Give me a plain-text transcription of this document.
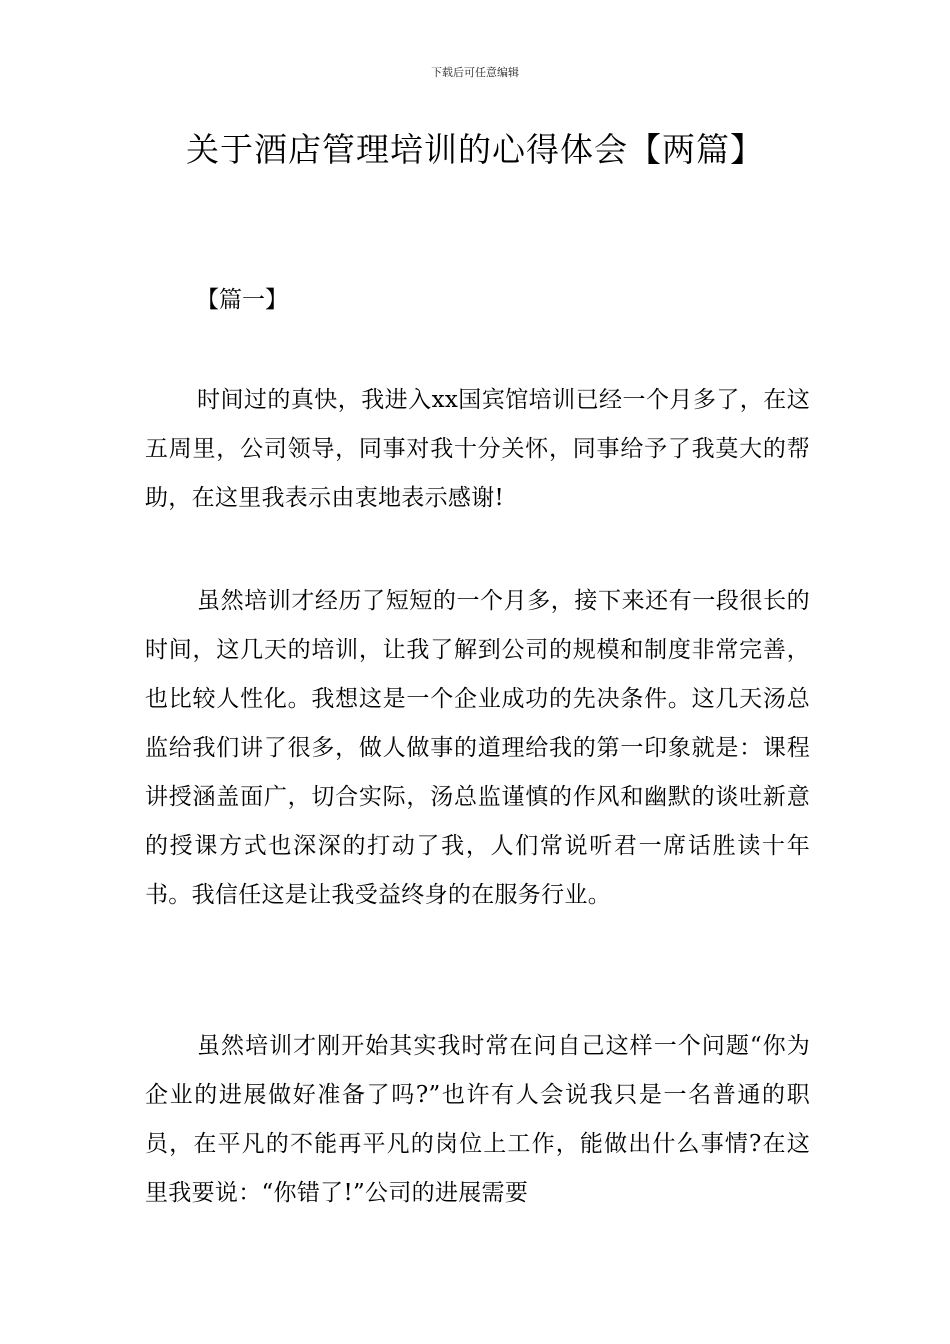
下载后可任意编辑
关于酒店管理培训的心得体会【两篇】
【篇一】

时间过的真快，我进入xx国宾馆培训已经一个月多了，在这五周里，公司领导，同事对我十分关怀，同事给予了我莫大的帮助，在这里我表示由衷地表示感谢!

虽然培训才经历了短短的一个月多，接下来还有一段很长的时间，这几天的培训，让我了解到公司的规模和制度非常完善，也比较人性化。我想这是一个企业成功的先决条件。这几天汤总监给我们讲了很多，做人做事的道理给我的第一印象就是：课程讲授涵盖面广，切合实际，汤总监谨慎的作风和幽默的谈吐新意的授课方式也深深的打动了我，人们常说听君一席话胜读十年书。我信任这是让我受益终身的在服务行业。

虽然培训才刚开始其实我时常在问自己这样一个问题“你为企业的进展做好准备了吗?”也许有人会说我只是一名普通的职员，在平凡的不能再平凡的岗位上工作，能做出什么事情?在这里我要说：“你错了!”公司的进展需要
